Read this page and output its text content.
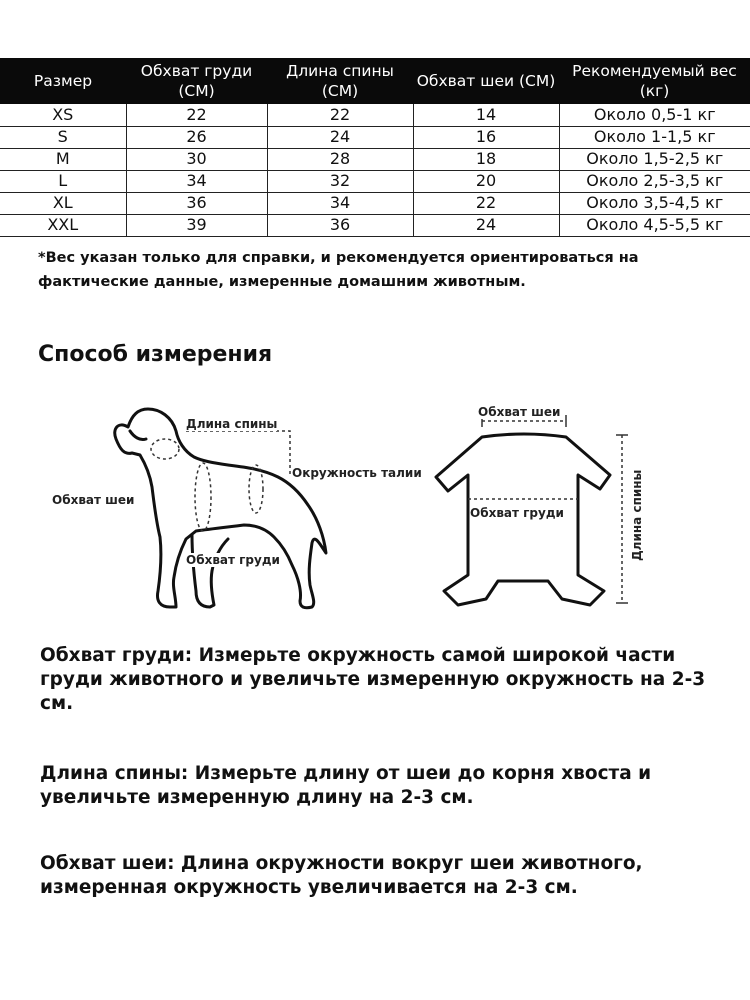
Размер	Обхват груди (CM)	Длина спины (CM)	Обхват шеи (CM)	Рекомендуемый вес (кг)
XS	22	22	14	Около 0,5-1 кг
S	26	24	16	Около 1-1,5 кг
M	30	28	18	Около 1,5-2,5 кг
L	34	32	20	Около 2,5-3,5 кг
XL	36	34	22	Около 3,5-4,5 кг
XXL	39	36	24	Около 4,5-5,5 кг

*Вес указан только для справки, и рекомендуется ориентироваться на фактические данные, измеренные домашним животным.

Способ измерения
Длина спины
Окружность талии
Обхват шеи
Обхват груди
Обхват шеи
Обхват груди	Длина спины

Обхват груди: Измерьте окружность самой широкой части груди животного и увеличьте измеренную окружность на 2-3 см.

Длина спины: Измерьте длину от шеи до корня хвоста и увеличьте измеренную длину на 2-3 см.

Обхват шеи: Длина окружности вокруг шеи животного, измеренная окружность увеличивается на 2-3 см.
